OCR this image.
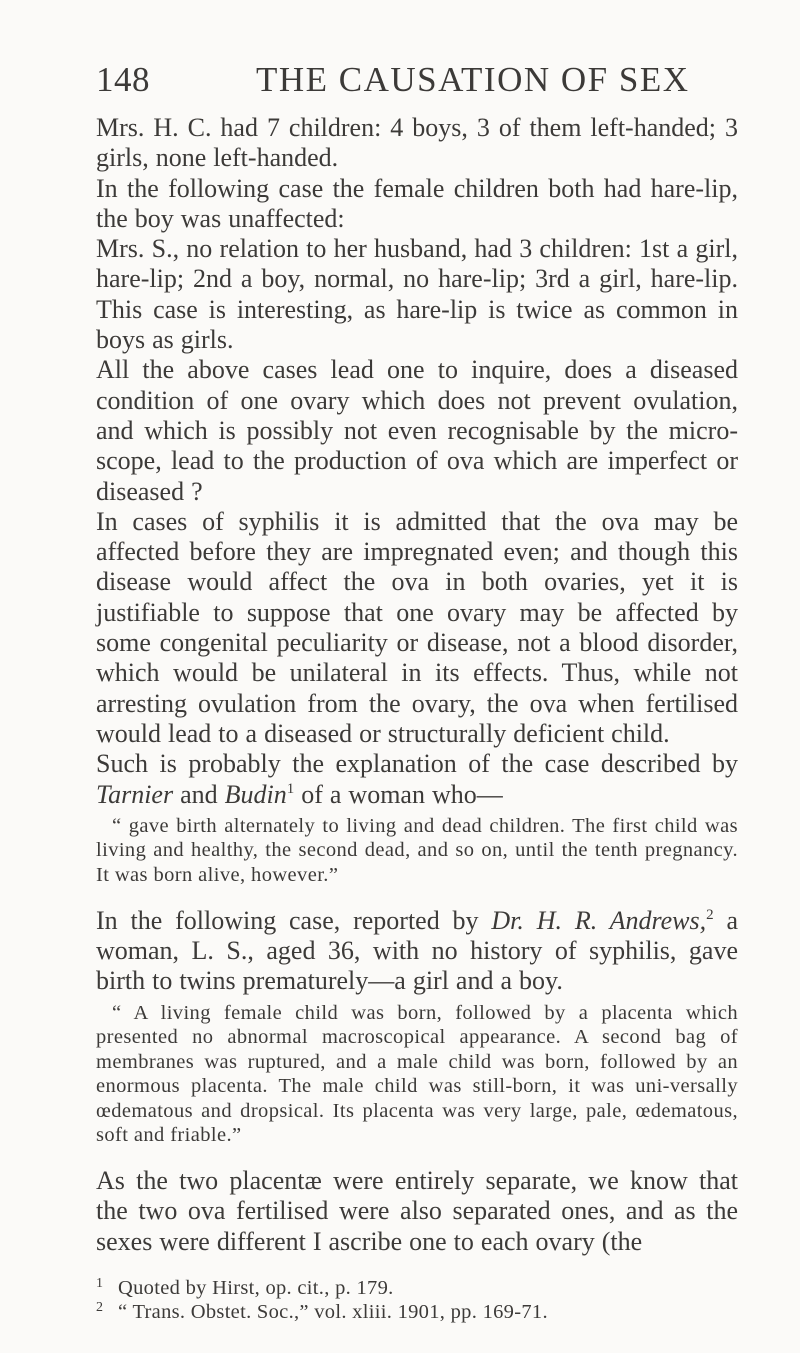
148	THE CAUSATION OF SEX

Mrs. H. C. had 7 children: 4 boys, 3 of them left-handed; 3 girls, none left-handed.

In the following case the female children both had hare-lip, the boy was unaffected:

Mrs. S., no relation to her husband, had 3 children: 1st a girl, hare-lip; 2nd a boy, normal, no hare-lip; 3rd a girl, hare-lip. This case is interesting, as hare-lip is twice as common in boys as girls.

All the above cases lead one to inquire, does a diseased condition of one ovary which does not prevent ovulation, and which is possibly not even recognisable by the micro-scope, lead to the production of ova which are imperfect or diseased ?

In cases of syphilis it is admitted that the ova may be affected before they are impregnated even; and though this disease would affect the ova in both ovaries, yet it is justifiable to suppose that one ovary may be affected by some congenital peculiarity or disease, not a blood disorder, which would be unilateral in its effects. Thus, while not arresting ovulation from the ovary, the ova when fertilised would lead to a diseased or structurally deficient child.

Such is probably the explanation of the case described by Tarnier and Budin$^1$ of a woman who—

“ gave birth alternately to living and dead children. The first child was living and healthy, the second dead, and so on, until the tenth pregnancy. It was born alive, however.”

In the following case, reported by Dr. H. R. Andrews,$^2$ a woman, L. S., aged 36, with no history of syphilis, gave birth to twins prematurely—a girl and a boy.

“ A living female child was born, followed by a placenta which presented no abnormal macroscopical appearance. A second bag of membranes was ruptured, and a male child was born, followed by an enormous placenta. The male child was still-born, it was uni-versally œdematous and dropsical. Its placenta was very large, pale, œdematous, soft and friable.”

As the two placentæ were entirely separate, we know that the two ova fertilised were also separated ones, and as the sexes were different I ascribe one to each ovary (the

1 Quoted by Hirst, op. cit., p. 179.
2 “ Trans. Obstet. Soc.,” vol. xliii. 1901, pp. 169-71.
